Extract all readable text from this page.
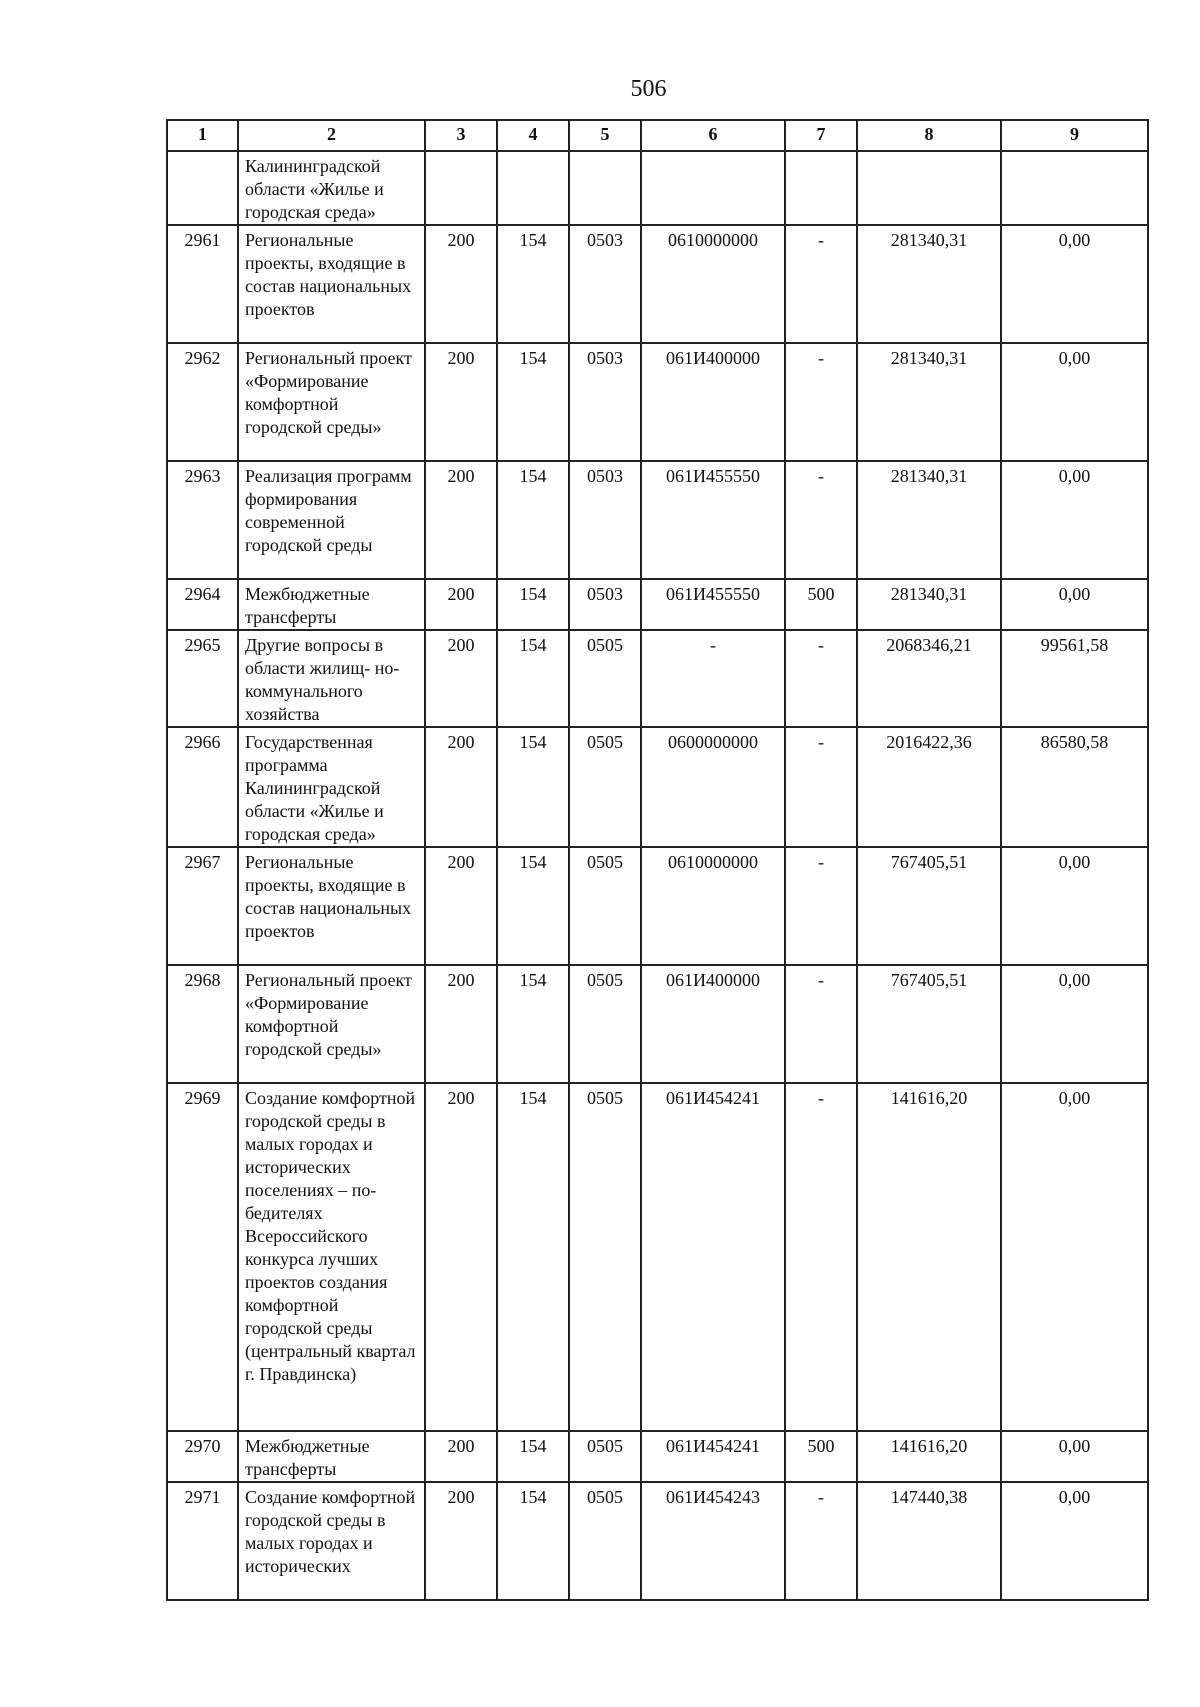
506
1	2	3	4	5	6	7	8	9
	Калининградской области «Жилье и городская среда»							
2961	Региональные проекты, входящие в состав национальных проектов	200	154	0503	0610000000	-	281340,31	0,00
2962	Региональный проект «Формирование комфортной городской среды»	200	154	0503	061И400000	-	281340,31	0,00
2963	Реализация программ формирования современной городской среды	200	154	0503	061И455550	-	281340,31	0,00
2964	Межбюджетные трансферты	200	154	0503	061И455550	500	281340,31	0,00
2965	Другие вопросы в области жилищ- но-коммунального хозяйства	200	154	0505	-	-	2068346,21	99561,58
2966	Государственная программа Калининградской области «Жилье и городская среда»	200	154	0505	0600000000	-	2016422,36	86580,58
2967	Региональные проекты, входящие в состав национальных проектов	200	154	0505	0610000000	-	767405,51	0,00
2968	Региональный проект «Формирование комфортной городской среды»	200	154	0505	061И400000	-	767405,51	0,00
2969	Создание комфортной городской среды в малых городах и исторических поселениях – по- бедителях Всероссийского конкурса лучших проектов создания комфортной городской среды (центральный квартал г. Правдинска)	200	154	0505	061И454241	-	141616,20	0,00
2970	Межбюджетные трансферты	200	154	0505	061И454241	500	141616,20	0,00
2971	Создание комфортной городской среды в малых городах и исторических	200	154	0505	061И454243	-	147440,38	0,00
